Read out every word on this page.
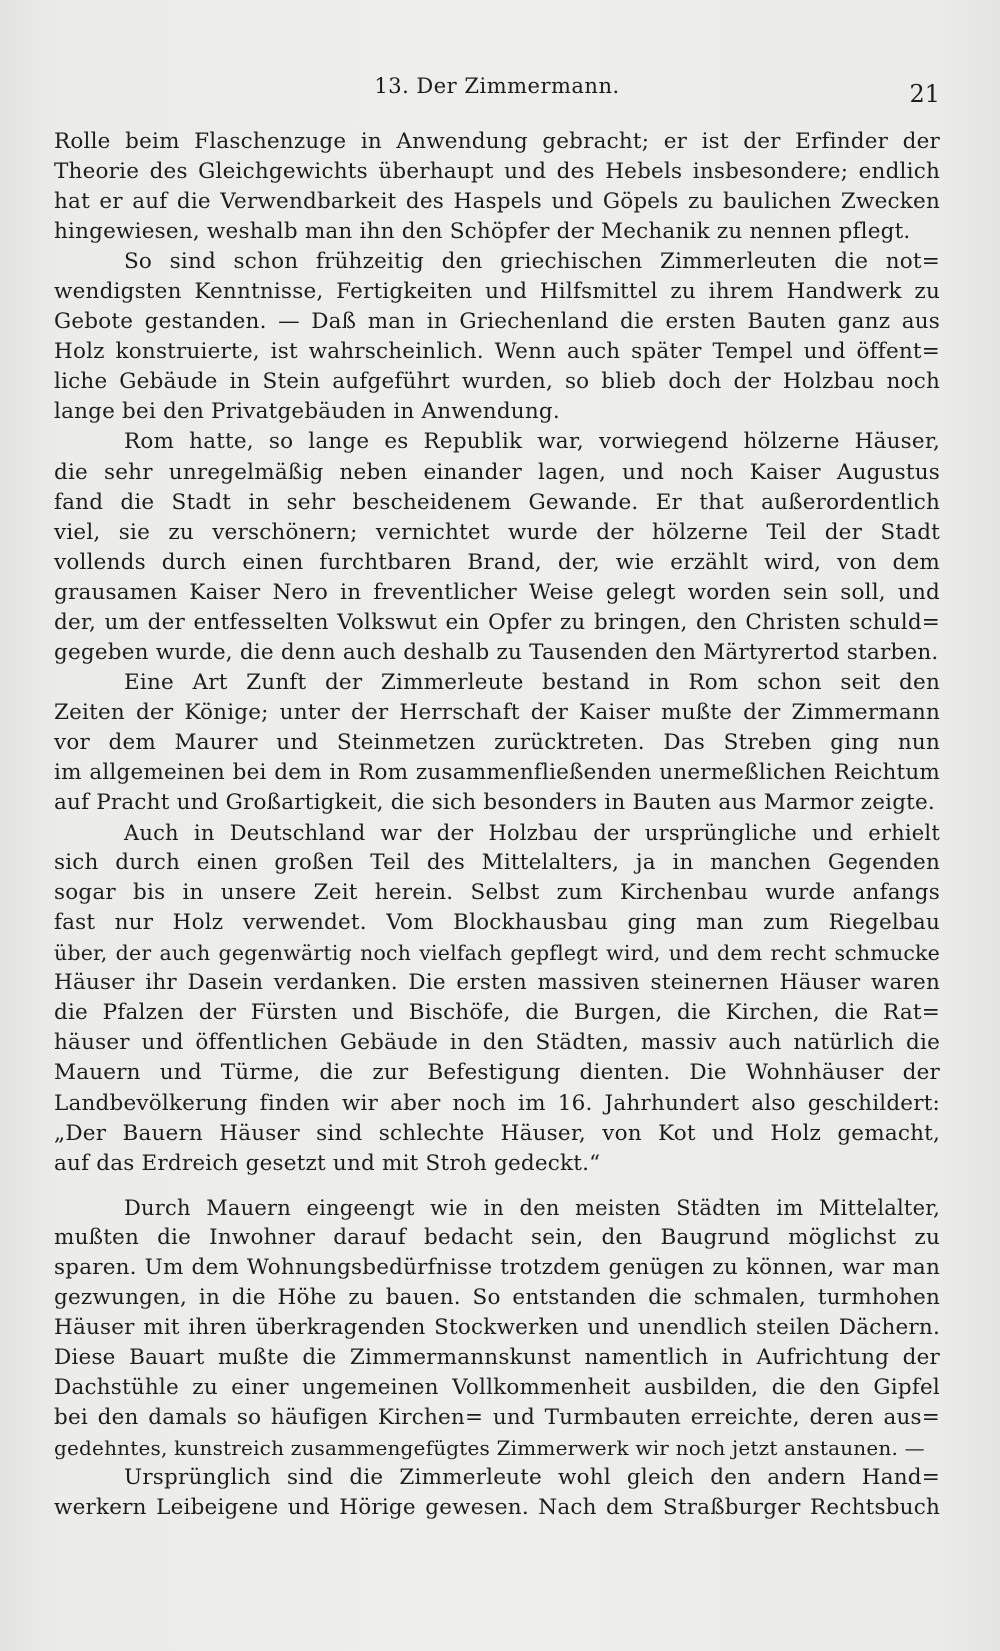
13. Der Zimmermann.	21
Rolle beim Flaschenzuge in Anwendung gebracht; er ist der Erfinder der
Theorie des Gleichgewichts überhaupt und des Hebels insbesondere; endlich
hat er auf die Verwendbarkeit des Haspels und Göpels zu baulichen Zwecken
hingewiesen, weshalb man ihn den Schöpfer der Mechanik zu nennen pflegt.
So sind schon frühzeitig den griechischen Zimmerleuten die not=
wendigsten Kenntnisse, Fertigkeiten und Hilfsmittel zu ihrem Handwerk zu
Gebote gestanden. — Daß man in Griechenland die ersten Bauten ganz aus
Holz konstruierte, ist wahrscheinlich. Wenn auch später Tempel und öffent=
liche Gebäude in Stein aufgeführt wurden, so blieb doch der Holzbau noch
lange bei den Privatgebäuden in Anwendung.
Rom hatte, so lange es Republik war, vorwiegend hölzerne Häuser,
die sehr unregelmäßig neben einander lagen, und noch Kaiser Augustus
fand die Stadt in sehr bescheidenem Gewande. Er that außerordentlich
viel, sie zu verschönern; vernichtet wurde der hölzerne Teil der Stadt
vollends durch einen furchtbaren Brand, der, wie erzählt wird, von dem
grausamen Kaiser Nero in freventlicher Weise gelegt worden sein soll, und
der, um der entfesselten Volkswut ein Opfer zu bringen, den Christen schuld=
gegeben wurde, die denn auch deshalb zu Tausenden den Märtyrertod starben.
Eine Art Zunft der Zimmerleute bestand in Rom schon seit den
Zeiten der Könige; unter der Herrschaft der Kaiser mußte der Zimmermann
vor dem Maurer und Steinmetzen zurücktreten. Das Streben ging nun
im allgemeinen bei dem in Rom zusammenfließenden unermeßlichen Reichtum
auf Pracht und Großartigkeit, die sich besonders in Bauten aus Marmor zeigte.
Auch in Deutschland war der Holzbau der ursprüngliche und erhielt
sich durch einen großen Teil des Mittelalters, ja in manchen Gegenden
sogar bis in unsere Zeit herein. Selbst zum Kirchenbau wurde anfangs
fast nur Holz verwendet. Vom Blockhausbau ging man zum Riegelbau
über, der auch gegenwärtig noch vielfach gepflegt wird, und dem recht schmucke
Häuser ihr Dasein verdanken. Die ersten massiven steinernen Häuser waren
die Pfalzen der Fürsten und Bischöfe, die Burgen, die Kirchen, die Rat=
häuser und öffentlichen Gebäude in den Städten, massiv auch natürlich die
Mauern und Türme, die zur Befestigung dienten. Die Wohnhäuser der
Landbevölkerung finden wir aber noch im 16. Jahrhundert also geschildert:
„Der Bauern Häuser sind schlechte Häuser, von Kot und Holz gemacht,
auf das Erdreich gesetzt und mit Stroh gedeckt.“
Durch Mauern eingeengt wie in den meisten Städten im Mittelalter,
mußten die Inwohner darauf bedacht sein, den Baugrund möglichst zu
sparen. Um dem Wohnungsbedürfnisse trotzdem genügen zu können, war man
gezwungen, in die Höhe zu bauen. So entstanden die schmalen, turmhohen
Häuser mit ihren überkragenden Stockwerken und unendlich steilen Dächern.
Diese Bauart mußte die Zimmermannskunst namentlich in Aufrichtung der
Dachstühle zu einer ungemeinen Vollkommenheit ausbilden, die den Gipfel
bei den damals so häufigen Kirchen= und Turmbauten erreichte, deren aus=
gedehntes, kunstreich zusammengefügtes Zimmerwerk wir noch jetzt anstaunen. —
Ursprünglich sind die Zimmerleute wohl gleich den andern Hand=
werkern Leibeigene und Hörige gewesen. Nach dem Straßburger Rechtsbuch
